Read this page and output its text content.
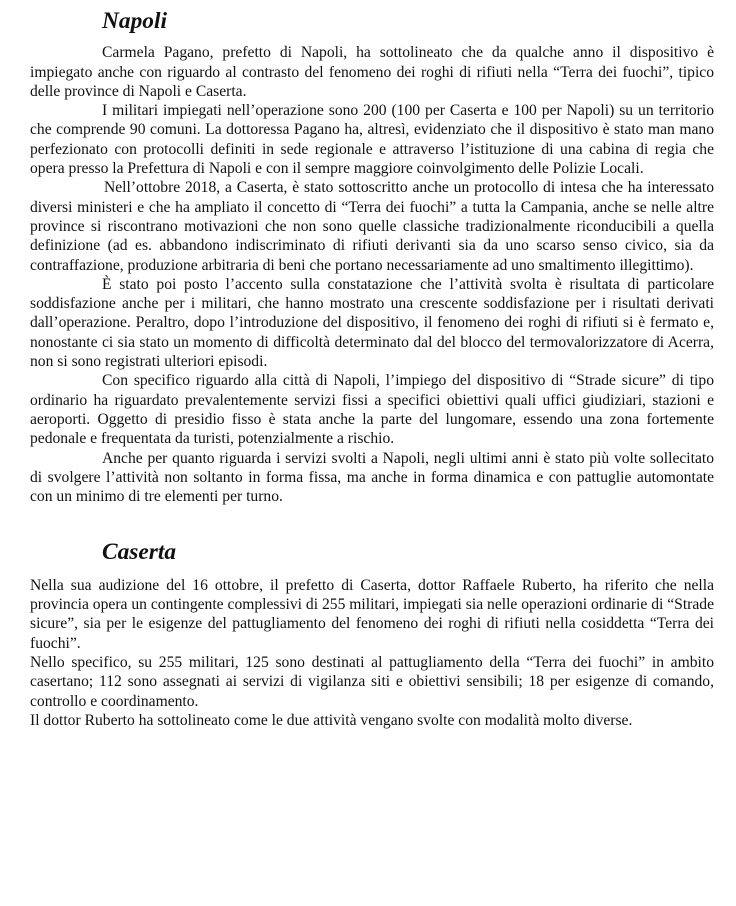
Napoli

Carmela Pagano, prefetto di Napoli, ha sottolineato che da qualche anno il dispositivo è impiegato anche con riguardo al contrasto del fenomeno dei roghi di rifiuti nella “Terra dei fuochi”, tipico delle province di Napoli e Caserta.

I militari impiegati nell’operazione sono 200 (100 per Caserta e 100 per Napoli) su un territorio che comprende 90 comuni. La dottoressa Pagano ha, altresì, evidenziato che il dispositivo è stato man mano perfezionato con protocolli definiti in sede regionale e attraverso l’istituzione di una cabina di regia che opera presso la Prefettura di Napoli e con il sempre maggiore coinvolgimento delle Polizie Locali.

Nell’ottobre 2018, a Caserta, è stato sottoscritto anche un protocollo di intesa che ha interessato diversi ministeri e che ha ampliato il concetto di “Terra dei fuochi” a tutta la Campania, anche se nelle altre province si riscontrano motivazioni che non sono quelle classiche tradizionalmente riconducibili a quella definizione (ad es. abbandono indiscriminato di rifiuti derivanti sia da uno scarso senso civico, sia da contraffazione, produzione arbitraria di beni che portano necessariamente ad uno smaltimento illegittimo).

È stato poi posto l’accento sulla constatazione che l’attività svolta è risultata di particolare soddisfazione anche per i militari, che hanno mostrato una crescente soddisfazione per i risultati derivati dall’operazione. Peraltro, dopo l’introduzione del dispositivo, il fenomeno dei roghi di rifiuti si è fermato e, nonostante ci sia stato un momento di difficoltà determinato dal del blocco del termovalorizzatore di Acerra, non si sono registrati ulteriori episodi.

Con specifico riguardo alla città di Napoli, l’impiego del dispositivo di “Strade sicure” di tipo ordinario ha riguardato prevalentemente servizi fissi a specifici obiettivi quali uffici giudiziari, stazioni e aeroporti. Oggetto di presidio fisso è stata anche la parte del lungomare, essendo una zona fortemente pedonale e frequentata da turisti, potenzialmente a rischio.

Anche per quanto riguarda i servizi svolti a Napoli, negli ultimi anni è stato più volte sollecitato di svolgere l’attività non soltanto in forma fissa, ma anche in forma dinamica e con pattuglie automontate con un minimo di tre elementi per turno.

Caserta

Nella sua audizione del 16 ottobre, il prefetto di Caserta, dottor Raffaele Ruberto, ha riferito che nella provincia opera un contingente complessivi di 255 militari, impiegati sia nelle operazioni ordinarie di “Strade sicure”, sia per le esigenze del pattugliamento del fenomeno dei roghi di rifiuti nella cosiddetta “Terra dei fuochi”.

Nello specifico, su 255 militari, 125 sono destinati al pattugliamento della “Terra dei fuochi” in ambito casertano; 112 sono assegnati ai servizi di vigilanza siti e obiettivi sensibili; 18 per esigenze di comando, controllo e coordinamento.

Il dottor Ruberto ha sottolineato come le due attività vengano svolte con modalità molto diverse.
